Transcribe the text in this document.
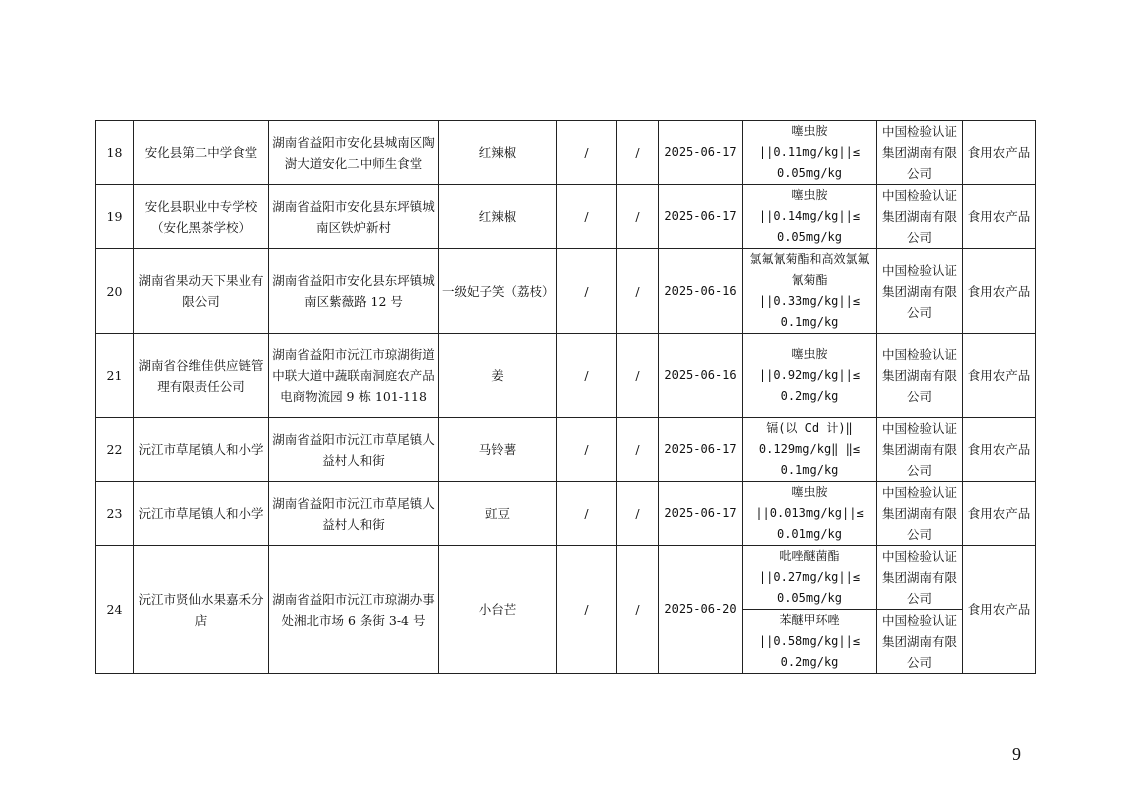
18	安化县第二中学食堂	湖南省益阳市安化县城南区陶澍大道安化二中师生食堂	红辣椒	/	/	2025-06-17	噻虫胺
||0.11mg/kg||≤
0.05mg/kg	中国检验认证集团湖南有限公司	食用农产品
19	安化县职业中专学校（安化黑茶学校）	湖南省益阳市安化县东坪镇城南区铁炉新村	红辣椒	/	/	2025-06-17	噻虫胺
||0.14mg/kg||≤
0.05mg/kg	中国检验认证集团湖南有限公司	食用农产品
20	湖南省果动天下果业有限公司	湖南省益阳市安化县东坪镇城南区紫薇路 12 号	一级妃子笑（荔枝）	/	/	2025-06-16	氯氟氰菊酯和高效氯氟氰菊酯
||0.33mg/kg||≤
0.1mg/kg	中国检验认证集团湖南有限公司	食用农产品
21	湖南省谷维佳供应链管理有限责任公司	湖南省益阳市沅江市琼湖街道中联大道中蔬联南洞庭农产品电商物流园 9 栋 101-118	姜	/	/	2025-06-16	噻虫胺
||0.92mg/kg||≤
0.2mg/kg	中国检验认证集团湖南有限公司	食用农产品
22	沅江市草尾镇人和小学	湖南省益阳市沅江市草尾镇人益村人和街	马铃薯	/	/	2025-06-17	镉(以 Cd 计)‖
0.129mg/kg‖ ‖≤
0.1mg/kg	中国检验认证集团湖南有限公司	食用农产品
23	沅江市草尾镇人和小学	湖南省益阳市沅江市草尾镇人益村人和街	豇豆	/	/	2025-06-17	噻虫胺
||0.013mg/kg||≤
0.01mg/kg	中国检验认证集团湖南有限公司	食用农产品
24	沅江市贤仙水果嘉禾分店	湖南省益阳市沅江市琼湖办事处湘北市场 6 条街 3-4 号	小台芒	/	/	2025-06-20	吡唑醚菌酯
||0.27mg/kg||≤
0.05mg/kg	中国检验认证集团湖南有限公司	食用农产品

							苯醚甲环唑
||0.58mg/kg||≤
0.2mg/kg	中国检验认证集团湖南有限公司	
9
